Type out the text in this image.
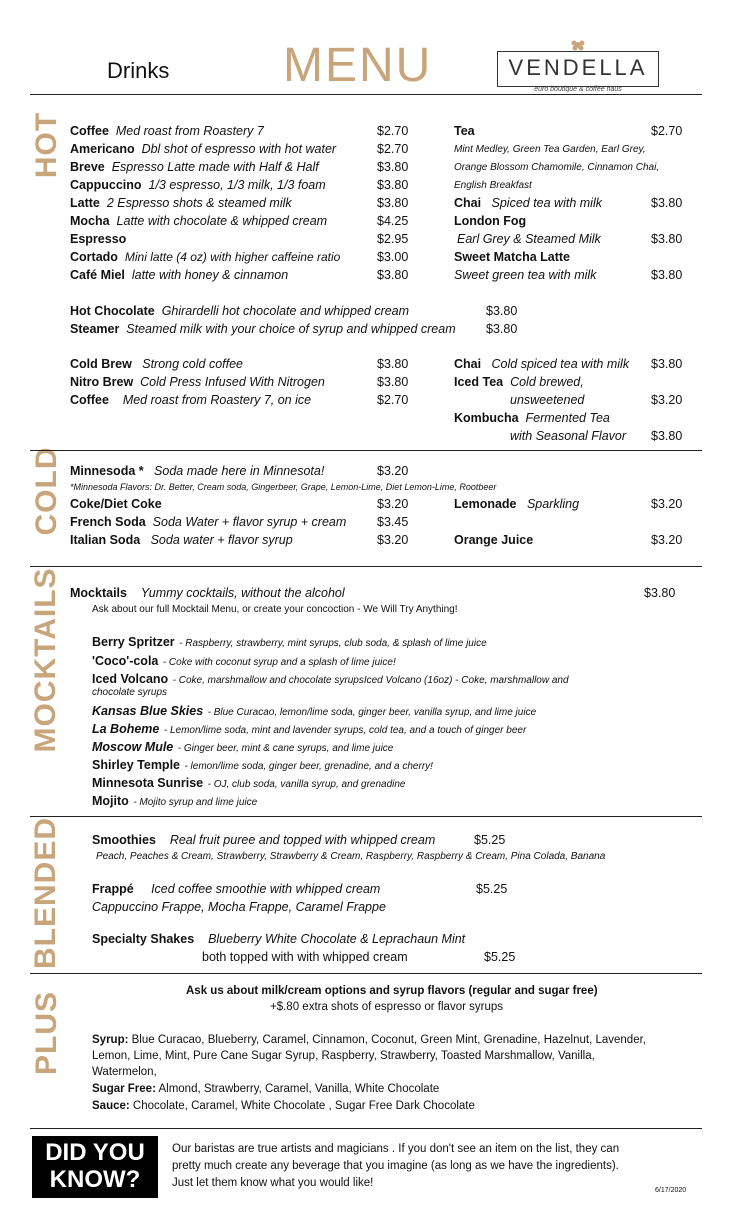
Drinks MENU	VENDELLA
euro boutique & coffee haus
HOT
COLD
MOCKTAILS
BLENDED
PLUS
Coffee Med roast from Roastery 7	$2.70
Americano Dbl shot of espresso with hot water	$2.70
Breve Espresso Latte made with Half & Half	$3.80
Cappuccino 1/3 espresso, 1/3 milk, 1/3 foam	$3.80
Latte 2 Espresso shots & steamed milk	$3.80
Mocha Latte with chocolate & whipped cream	$4.25
Espresso	$2.95
Cortado Mini latte (4 oz) with higher caffeine ratio	$3.00
Café Miel latte with honey & cinnamon	$3.80
Tea	$2.70
Mint Medley, Green Tea Garden, Earl Grey,
Orange Blossom Chamomile, Cinnamon Chai,
English Breakfast
Chai Spiced tea with milk	$3.80
London Fog
Earl Grey & Steamed Milk	$3.80
Sweet Matcha Latte
Sweet green tea with milk	$3.80
Hot Chocolate Ghirardelli hot chocolate and whipped cream	$3.80
Steamer Steamed milk with your choice of syrup and whipped cream $3.80
Cold Brew Strong cold coffee	$3.80
Nitro Brew Cold Press Infused With Nitrogen	$3.80
Coffee Med roast from Roastery 7, on ice	$2.70
Chai Cold spiced tea with milk $3.80
Iced Tea Cold brewed,
unsweetened	$3.20
Kombucha Fermented Tea
with Seasonal Flavor $3.80
Minnesoda * Soda made here in Minnesota!	$3.20
*Minnesoda Flavors: Dr. Better, Cream soda, Gingerbeer, Grape, Lemon-Lime, Diet Lemon-Lime, Rootbeer
Coke/Diet Coke	$3.20
French Soda Soda Water + flavor syrup + cream $3.45
Italian Soda Soda water + flavor syrup	$3.20
Lemonade Sparkling	$3.20
Orange Juice	$3.20
Mocktails Yummy cocktails, without the alcohol	$3.80
Ask about our full Mocktail Menu, or create your concoction - We Will Try Anything!
Berry Spritzer - Raspberry, strawberry, mint syrups, club soda, & splash of lime juice
'Coco'-cola - Coke with coconut syrup and a splash of lime juice!
Iced Volcano - Coke, marshmallow and chocolate syrupsIced Volcano (16oz) - Coke, marshmallow and
chocolate syrups
Kansas Blue Skies - Blue Curacao, lemon/lime soda, ginger beer, vanilla syrup, and lime juice
La Boheme - Lemon/lime soda, mint and lavender syrups, cold tea, and a touch of ginger beer
Moscow Mule - Ginger beer, mint & cane syrups, and lime juice
Shirley Temple - lemon/lime soda, ginger beer, grenadine, and a cherry!
Minnesota Sunrise - OJ, club soda, vanilla syrup, and grenadine
Mojito - Mojito syrup and lime juice
Smoothies Real fruit puree and topped with whipped cream	$5.25
Peach, Peaches & Cream, Strawberry, Strawberry & Cream, Raspberry, Raspberry & Cream, Pina Colada, Banana
Frappé Iced coffee smoothie with whipped cream	$5.25
Cappuccino Frappe, Mocha Frappe, Caramel Frappe
Specialty Shakes Blueberry White Chocolate & Leprachaun Mint
both topped with with whipped cream	$5.25
Ask us about milk/cream options and syrup flavors (regular and sugar free)
+$.80 extra shots of espresso or flavor syrups
Syrup: Blue Curacao, Blueberry, Caramel, Cinnamon, Coconut, Green Mint, Grenadine, Hazelnut, Lavender,
Lemon, Lime, Mint, Pure Cane Sugar Syrup, Raspberry, Strawberry, Toasted Marshmallow, Vanilla,
Watermelon,
Sugar Free: Almond, Strawberry, Caramel, Vanilla, White Chocolate
Sauce: Chocolate, Caramel, White Chocolate , Sugar Free Dark Chocolate
DID YOU
KNOW?
Our baristas are true artists and magicians . If you don't see an item on the list, they can
pretty much create any beverage that you imagine (as long as we have the ingredients).
Just let them know what you would like!
6/17/2020
